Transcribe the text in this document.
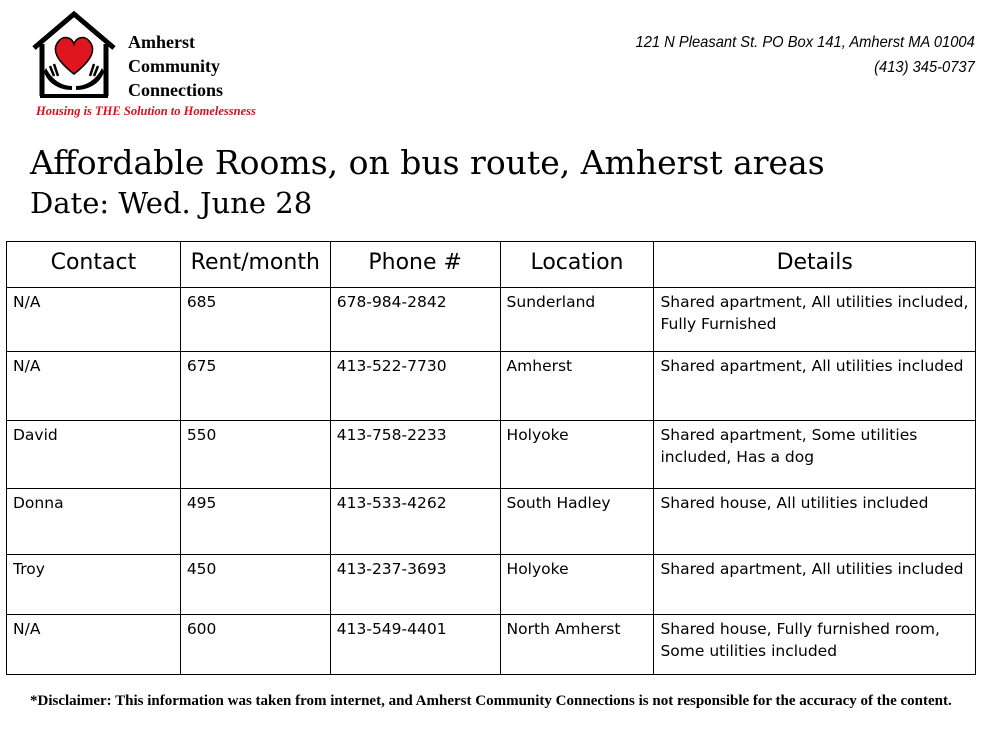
Amherst
Community
Connections
Housing is THE Solution to Homelessness
121 N Pleasant St. PO Box 141, Amherst MA 01004
(413) 345-0737
Affordable Rooms, on bus route, Amherst areas
Date: Wed. June 28
Contact	Rent/month	Phone #	Location	Details
N/A	685	678-984-2842	Sunderland	Shared apartment, All utilities included, Fully Furnished
N/A	675	413-522-7730	Amherst	Shared apartment, All utilities included
David	550	413-758-2233	Holyoke	Shared apartment, Some utilities included, Has a dog
Donna	495	413-533-4262	South Hadley	Shared house, All utilities included
Troy	450	413-237-3693	Holyoke	Shared apartment, All utilities included
N/A	600	413-549-4401	North Amherst	Shared house, Fully furnished room, Some utilities included
*Disclaimer: This information was taken from internet, and Amherst Community Connections is not responsible for the accuracy of the content.
